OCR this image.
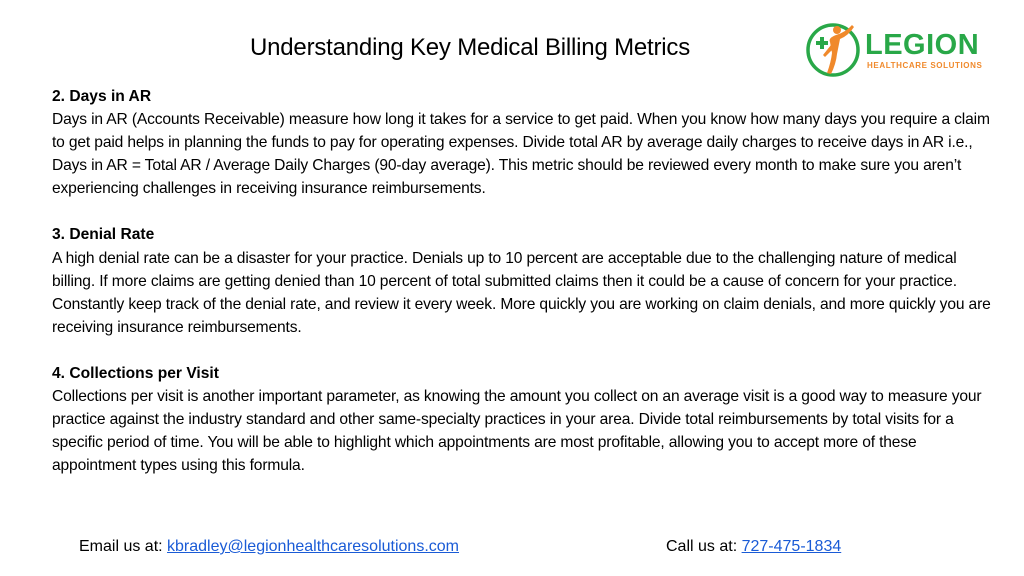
Understanding Key Medical Billing Metrics	LEGION
HEALTHCARE SOLUTIONS
2. Days in AR

Days in AR (Accounts Receivable) measure how long it takes for a service to get paid. When you know how many days you require a claim to get paid helps in planning the funds to pay for operating expenses. Divide total AR by average daily charges to receive days in AR i.e., Days in AR = Total AR / Average Daily Charges (90-day average). This metric should be reviewed every month to make sure you aren’t experiencing challenges in receiving insurance reimbursements.

3. Denial Rate

A high denial rate can be a disaster for your practice. Denials up to 10 percent are acceptable due to the challenging nature of medical billing. If more claims are getting denied than 10 percent of total submitted claims then it could be a cause of concern for your practice. Constantly keep track of the denial rate, and review it every week. More quickly you are working on claim denials, and more quickly you are receiving insurance reimbursements.

4. Collections per Visit

Collections per visit is another important parameter, as knowing the amount you collect on an average visit is a good way to measure your practice against the industry standard and other same-specialty practices in your area. Divide total reimbursements by total visits for a specific period of time. You will be able to highlight which appointments are most profitable, allowing you to accept more of these appointment types using this formula.

Email us at: kbradley@legionhealthcaresolutions.com	Call us at: 727-475-1834
